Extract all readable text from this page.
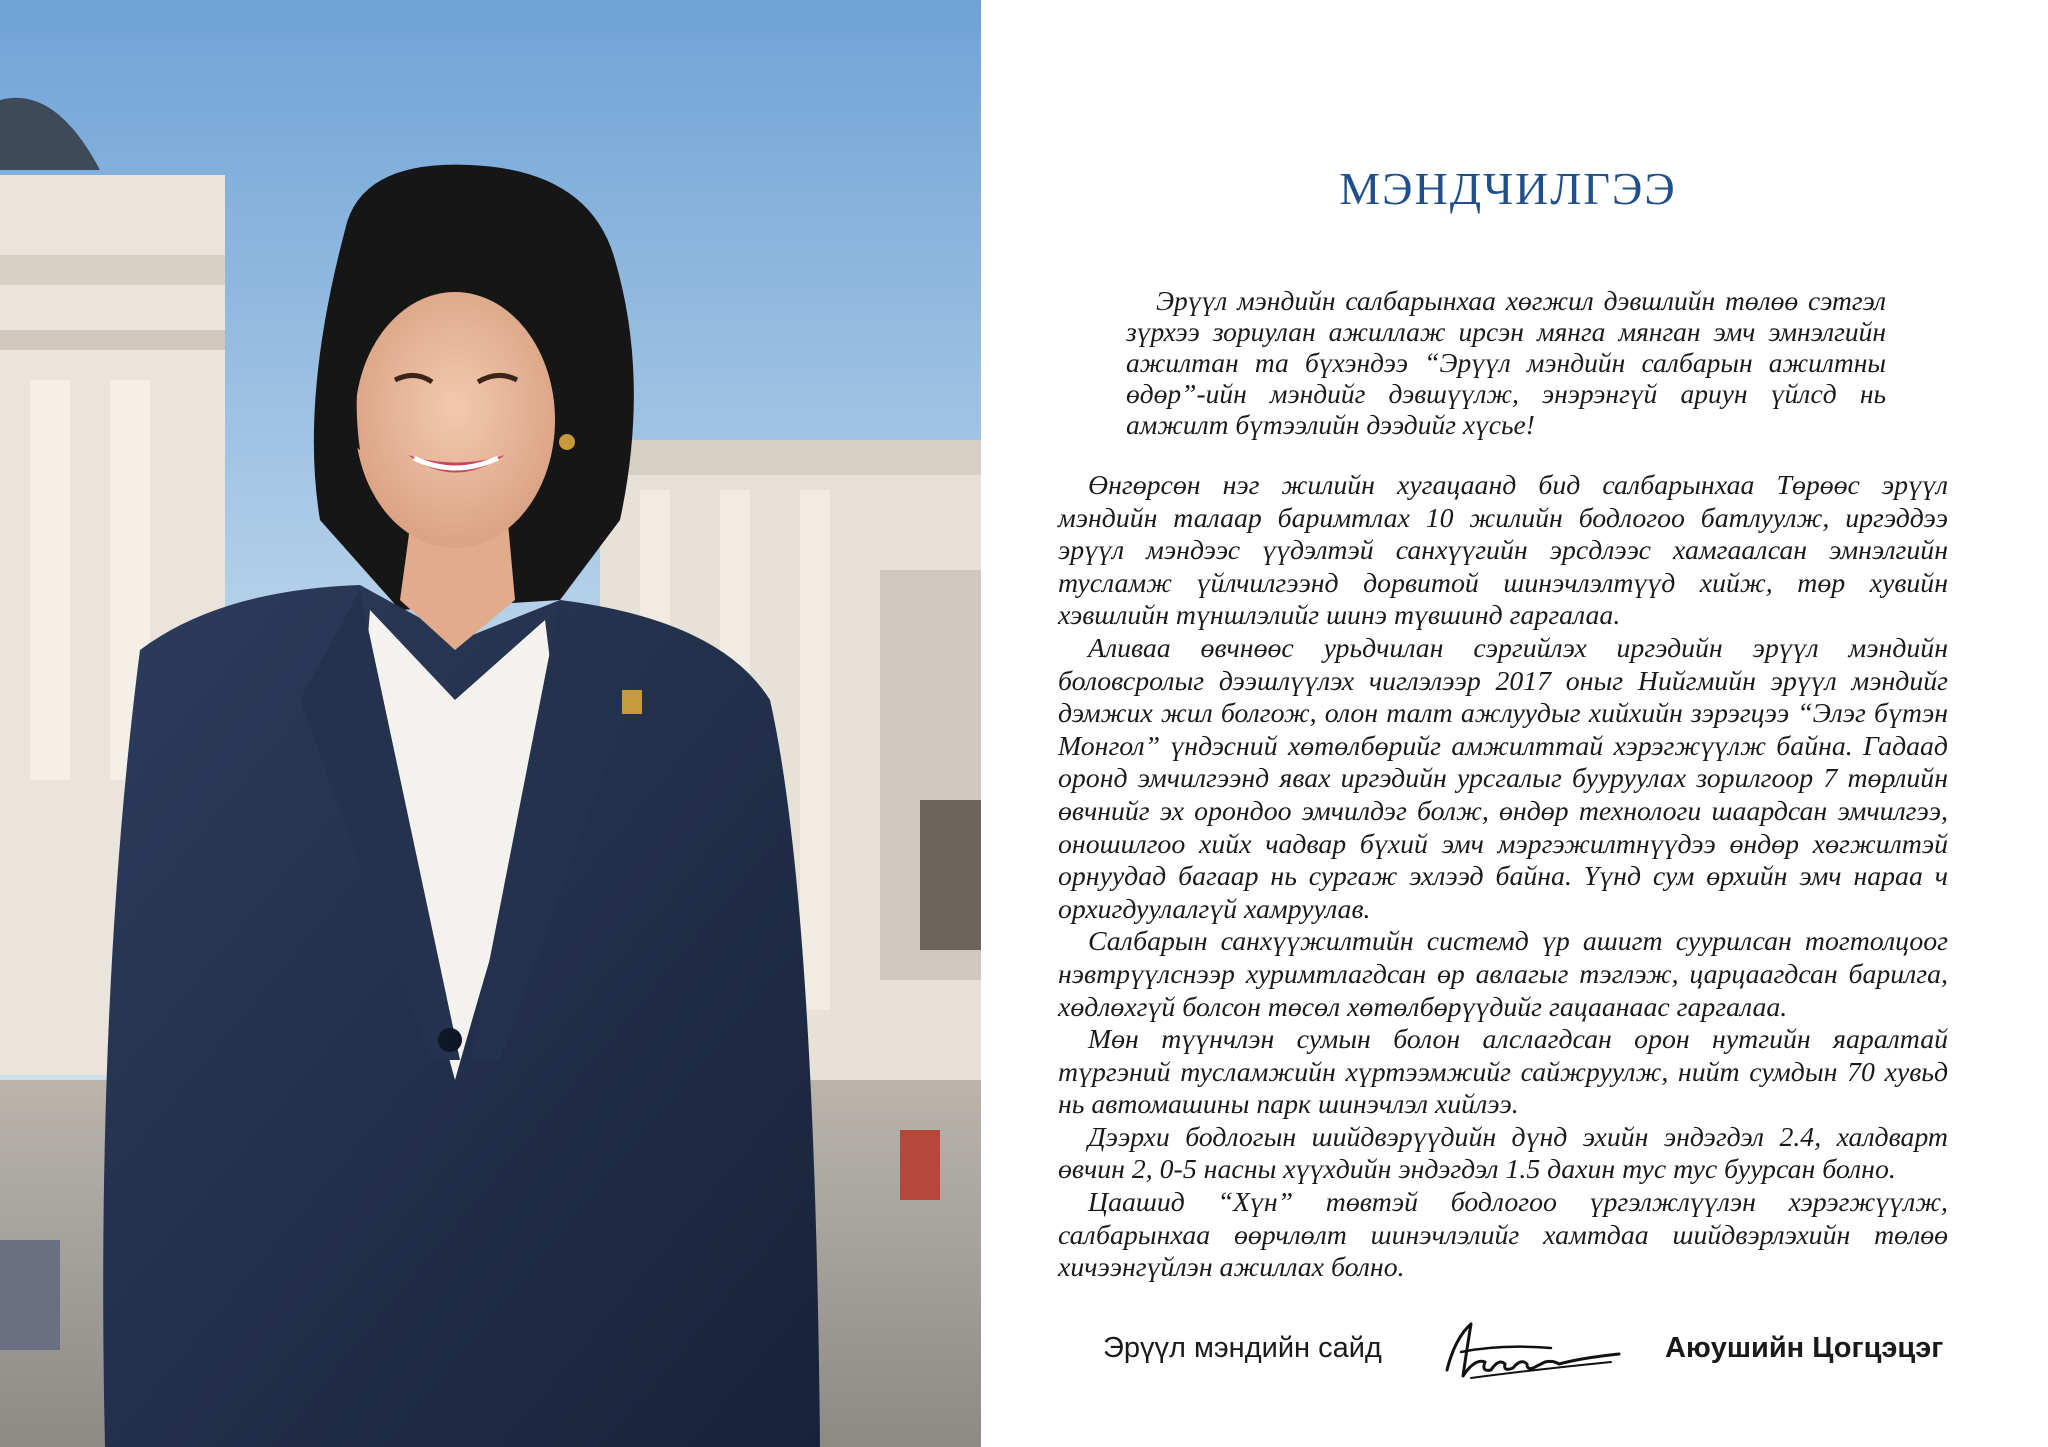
МЭНДЧИЛГЭЭ

Эрүүл мэндийн салбарынхаа хөгжил дэвшлийн төлөө сэтгэл зүрхээ зориулан ажиллаж ирсэн мянга мянган эмч эмнэлгийн ажилтан та бүхэндээ “Эрүүл мэндийн салбарын ажилтны өдөр”-ийн мэндийг дэвшүүлж, энэрэнгүй ариун үйлсд нь амжилт бүтээлийн дээдийг хүсье!

Өнгөрсөн нэг жилийн хугацаанд бид салбарынхаа Төрөөс эрүүл мэндийн талаар баримтлах 10 жилийн бодлогоо батлуулж, иргэддээ эрүүл мэндээс үүдэлтэй санхүүгийн эрсдлээс хамгаалсан эмнэлгийн тусламж үйлчилгээнд дорвитой шинэчлэлтүүд хийж, төр хувийн хэвшлийн түншлэлийг шинэ түвшинд гаргалаа.

Аливаа өвчнөөс урьдчилан сэргийлэх иргэдийн эрүүл мэндийн боловсролыг дээшлүүлэх чиглэлээр 2017 оныг Нийгмийн эрүүл мэндийг дэмжих жил болгож, олон талт ажлуудыг хийхийн зэрэгцээ “Элэг бүтэн Монгол” үндэсний хөтөлбөрийг амжилттай хэрэгжүүлж байна. Гадаад оронд эмчилгээнд явах иргэдийн урсгалыг бууруулах зорилгоор 7 төрлийн өвчнийг эх орондоо эмчилдэг болж, өндөр технологи шаардсан эмчилгээ, оношилгоо хийх чадвар бүхий эмч мэргэжилтнүүдээ өндөр хөгжилтэй орнуудад багаар нь сургаж эхлээд байна. Үүнд сум өрхийн эмч нараа ч орхигдуулалгүй хамруулав.

Салбарын санхүүжилтийн системд үр ашигт суурилсан тогтолцоог нэвтрүүлснээр хуримтлагдсан өр авлагыг тэглэж, царцаагдсан барилга, хөдлөхгүй болсон төсөл хөтөлбөрүүдийг гацаанаас гаргалаа.

Мөн түүнчлэн сумын болон алслагдсан орон нутгийн яаралтай түргэний тусламжийн хүртээмжийг сайжруулж, нийт сумдын 70 хувьд нь автомашины парк шинэчлэл хийлээ.

Дээрхи бодлогын шийдвэрүүдийн дүнд эхийн эндэгдэл 2.4, халдварт өвчин 2, 0-5 насны хүүхдийн эндэгдэл 1.5 дахин тус тус буурсан болно.

Цаашид “Хүн” төвтэй бодлогоо үргэлжлүүлэн хэрэгжүүлж, салбарынхаа өөрчлөлт шинэчлэлийг хамтдаа шийдвэрлэхийн төлөө хичээнгүйлэн ажиллах болно.

Эрүүл мэндийн сайд	Аюушийн Цогцэцэг
